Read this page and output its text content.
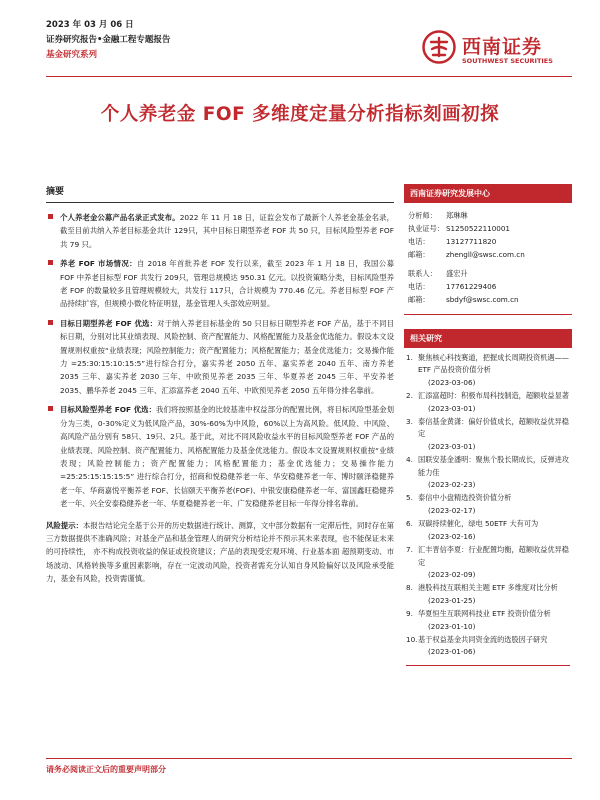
2023 年 03 月 06 日
证券研究报告•金融工程专题报告
基金研究系列	西南证券
SOUTHWEST SECURITIES
个人养老金 FOF 多维度定量分析指标刻画初探
摘要
个人养老金公募产品名录正式发布。2022 年 11 月 18 日，证监会发布了最新个人养老金基金名录，截至目前共纳入养老目标基金共计 129只，其中目标日期型养老 FOF 共 50 只，目标风险型养老 FOF 共 79 只。
养老 FOF 市场情况：自 2018 年首批养老 FOF 发行以来，截至 2023 年 1 月 18 日，我国公募 FOF 中养老目标型 FOF 共发行 209只，管理总规模达 950.31 亿元。以投资策略分类，目标风险型养老 FOF 的数量较多且管理规模较大，共发行 117只，合计规模为 770.46 亿元。养老目标型 FOF 产品持续扩容，但规模小微化特征明显，基金管理人头部效应明显。
目标日期型养老 FOF 优选：对于纳入养老目标基金的 50 只目标日期型养老 FOF 产品，基于不同目标日期，分别对比其业绩表现、风险控制、资产配置能力、风格配置能力及基金优选能力。假设本文设置规则权重按“业绩表现；风险控制能力；资产配置能力；风格配置能力；基金优选能力；交易操作能力 =25:30:15:10:15:5”进行综合打分，嘉实养老 2050 五年、嘉实养老 2040 五年、南方养老 2035 三年、嘉实养老 2030 三年、中欧预见养老 2035 三年、华夏养老 2045 三年、平安养老 2035、鹏华养老 2045 三年、汇添富养老 2040 五年、中欧预见养老 2050 五年得分排名靠前。
目标风险型养老 FOF 优选：我们将按照基金的比较基准中权益部分的配置比例，将目标风险型基金划分为三类，0-30%定义为低风险产品，30%-60%为中风险，60%以上为高风险。低风险、中风险、高风险产品分别有 58只、19只、2只。基于此，对比不同风险收益水平的目标风险型养老 FOF 产品的业绩表现、风险控制、资产配置能力、风格配置能力及基金优选能力。假设本文设置规则权重按“业绩表现；风险控制能力；资产配置能力；风格配置能力；基金优选能力；交易操作能力=25:25:15:15:15:5” 进行综合打分，招商和悦稳健养老一年、华安稳健养老一年、博时颐泽稳健养老一年、华商嘉悦平衡养老 FOF、长信颐天平衡养老(FOF)、中银安康稳健养老一年、富国鑫旺稳健养老一年、兴全安泰稳健养老一年、华夏稳健养老一年、广发稳健养老目标一年得分排名靠前。
风险提示：本报告结论完全基于公开的历史数据进行统计、测算，文中部分数据有一定滞后性，同时存在第三方数据提供不准确风险；对基金产品和基金管理人的研究分析结论并不预示其未来表现，也不能保证未来的可持续性， 亦不构成投资收益的保证或投资建议；产品的表现受宏观环境、行业基本面 超预期变动、市场波动、风格转换等多重因素影响，存在一定波动风险，投资者需充分认知自身风险偏好以及风险承受能力，基金有风险，投资需谨慎。
西南证券研究发展中心
分析师： 郑琳琳
执业证号： S1250522110001
电话： 13127711820
邮箱： zhengll@swsc.com.cn
联系人： 盛宏升
电话： 17761229406
邮箱： sbdyf@swsc.com.cn
相关研究
1. 聚焦核心科技赛道，把握成长周期投资机遇——ETF 产品投资价值分析
(2023-03-06)
2. 汇添富超时：积极布局科技制造，超额收益显著
(2023-03-01)
3. 泰信基金黄潇：偏好价值成长，超额收益优异稳定
(2023-03-01)
4. 国联安基金潘明：聚焦个股长期成长，反弹进攻能力佳
(2023-02-23)
5. 泰信中小盘精选投资价值分析
(2023-02-17)
6. 双碳持续催化，绿电 50ETF 大有可为
(2023-02-16)
7. 汇丰晋信李夏：行业配置均衡，超额收益优异稳定
(2023-02-09)
8. 港股科技互联相关主题 ETF 多维度对比分析
(2023-01-25)
9. 华夏恒生互联网科技业 ETF 投资价值分析
(2023-01-10)
10. 基于权益基金共同资金流的选股因子研究
(2023-01-06)
请务必阅读正文后的重要声明部分
